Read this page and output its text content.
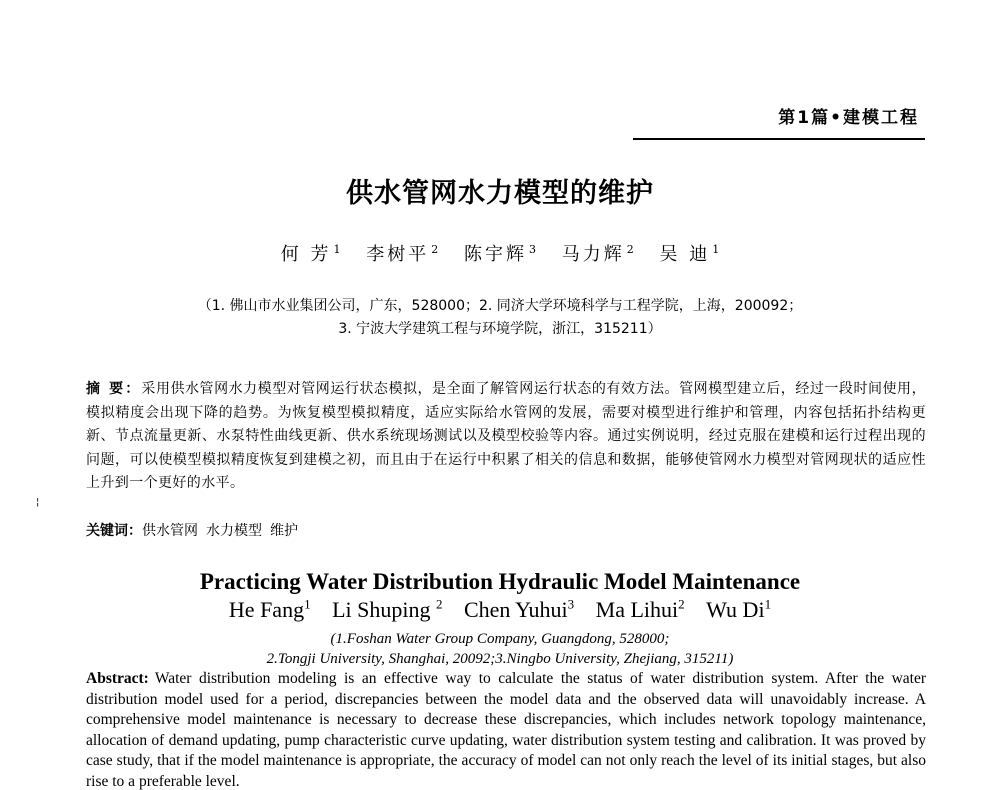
第1篇•建模工程
供水管网水力模型的维护
何 芳 $^1$ 李树平 $^2$ 陈宇辉 $^3$ 马力辉 $^2$ 吴 迪 $^1$
（1. 佛山市水业集团公司，广东，528000；2. 同济大学环境科学与工程学院，上海，200092；
3. 宁波大学建筑工程与环境学院，浙江，315211）
摘 要：采用供水管网水力模型对管网运行状态模拟，是全面了解管网运行状态的有效方法。管网模型建立后，经过一段时间使用，模拟精度会出现下降的趋势。为恢复模型模拟精度，适应实际给水管网的发展，需要对模型进行维护和管理，内容包括拓扑结构更新、节点流量更新、水泵特性曲线更新、供水系统现场测试以及模型校验等内容。通过实例说明，经过克服在建模和运行过程出现的问题，可以使模型模拟精度恢复到建模之初，而且由于在运行中积累了相关的信息和数据，能够使管网水力模型对管网现状的适应性上升到一个更好的水平。
¦
关键词：供水管网 水力模型 维护
Practicing Water Distribution Hydraulic Model Maintenance
He Fang$^1$ Li Shuping $^2$ Chen Yuhui$^3$ Ma Lihui$^2$ Wu Di$^1$
(1.Foshan Water Group Company, Guangdong, 528000;
2.Tongji University, Shanghai, 20092;3.Ningbo University, Zhejiang, 315211)
Abstract: Water distribution modeling is an effective way to calculate the status of water distribution system. After the water distribution model used for a period, discrepancies between the model data and the observed data will unavoidably increase. A comprehensive model maintenance is necessary to decrease these discrepancies, which includes network topology maintenance, allocation of demand updating, pump characteristic curve updating, water distribution system testing and calibration. It was proved by case study, that if the model maintenance is appropriate, the accuracy of model can not only reach the level of its initial stages, but also rise to a preferable level.
